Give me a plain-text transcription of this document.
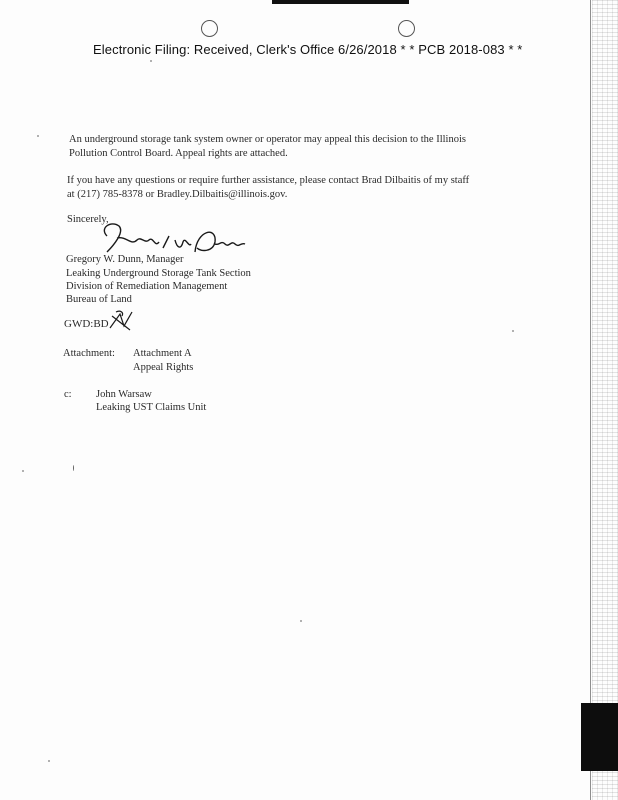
Electronic Filing: Received, Clerk's Office 6/26/2018 * * PCB 2018-083 * *
An underground storage tank system owner or operator may appeal this decision to the Illinois
Pollution Control Board. Appeal rights are attached.
If you have any questions or require further assistance, please contact Brad Dilbaitis of my staff
at (217) 785-8378 or Bradley.Dilbaitis@illinois.gov.
Sincerely,
Gregory W. Dunn, Manager
Leaking Underground Storage Tank Section
Division of Remediation Management
Bureau of Land
GWD:BD
Attachment: Attachment A
Appeal Rights
c: John Warsaw
Leaking UST Claims Unit
